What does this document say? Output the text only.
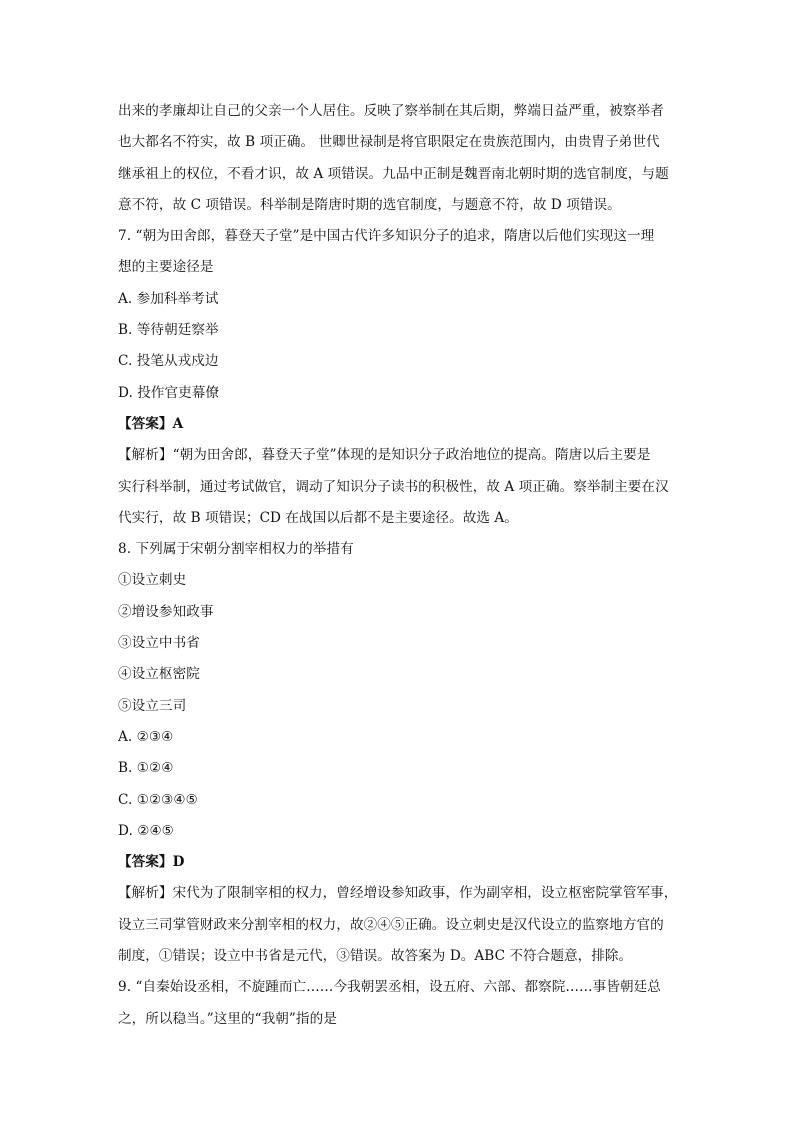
出来的孝廉却让自己的父亲一个人居住。反映了察举制在其后期，弊端日益严重，被察举者
也大都名不符实，故 B 项正确。 世卿世禄制是将官职限定在贵族范围内，由贵胄子弟世代
继承祖上的权位，不看才识，故 A 项错误。九品中正制是魏晋南北朝时期的选官制度，与题
意不符，故 C 项错误。科举制是隋唐时期的选官制度，与题意不符，故 D 项错误。
7. “朝为田舍郎，暮登天子堂”是中国古代许多知识分子的追求，隋唐以后他们实现这一理
想的主要途径是
A. 参加科举考试
B. 等待朝廷察举
C. 投笔从戎戍边
D. 投作官吏幕僚
【答案】A
【解析】“朝为田舍郎，暮登天子堂”体现的是知识分子政治地位的提高。隋唐以后主要是
实行科举制，通过考试做官，调动了知识分子读书的积极性，故 A 项正确。察举制主要在汉
代实行，故 B 项错误；CD 在战国以后都不是主要途径。故选 A。
8. 下列属于宋朝分割宰相权力的举措有
①设立刺史
②增设参知政事
③设立中书省
④设立枢密院
⑤设立三司
A. ②③④
B. ①②④
C. ①②③④⑤
D. ②④⑤
【答案】D
【解析】宋代为了限制宰相的权力，曾经增设参知政事，作为副宰相，设立枢密院掌管军事，
设立三司掌管财政来分割宰相的权力，故②④⑤正确。设立刺史是汉代设立的监察地方官的
制度，①错误；设立中书省是元代，③错误。故答案为 D。ABC 不符合题意，排除。
9. “自秦始设丞相，不旋踵而亡……今我朝罢丞相，设五府、六部、都察院……事皆朝廷总
之，所以稳当。”这里的“我朝”指的是
